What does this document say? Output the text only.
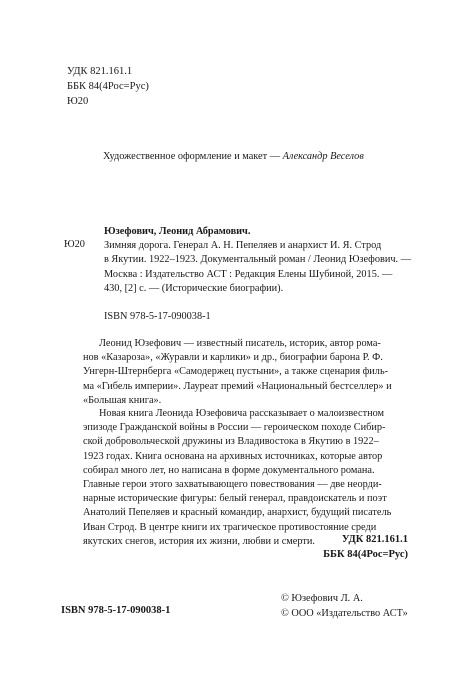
УДК 821.161.1
ББК 84(4Рос=Рус)
Ю20
Художественное оформление и макет — Александр Веселов
Ю20
Юзефович, Леонид Абрамович.
Зимняя дорога. Генерал А. Н. Пепеляев и анархист И. Я. Строд
в Якутии. 1922–1923. Документальный роман / Леонид Юзефович. —
Москва : Издательство АСТ : Редакция Елены Шубиной, 2015. —
430, [2] с. — (Исторические биографии).
ISBN 978-5-17-090038-1
Леонид Юзефович — известный писатель, историк, автор рома-
нов «Казароза», «Журавли и карлики» и др., биографии барона Р. Ф.
Унгерн-Штернберга «Самодержец пустыни», а также сценария филь-
ма «Гибель империи». Лауреат премий «Национальный бестселлер» и
«Большая книга».
Новая книга Леонида Юзефовича рассказывает о малоизвестном
эпизоде Гражданской войны в России — героическом походе Сибир-
ской добровольческой дружины из Владивостока в Якутию в 1922–
1923 годах. Книга основана на архивных источниках, которые автор
собирал много лет, но написана в форме документального романа.
Главные герои этого захватывающего повествования — две неорди-
нарные исторические фигуры: белый генерал, правдоискатель и поэт
Анатолий Пепеляев и красный командир, анархист, будущий писатель
Иван Строд. В центре книги их трагическое противостояние среди
якутских снегов, история их жизни, любви и смерти.	УДК 821.161.1
ББК 84(4Рос=Рус)
ISBN 978-5-17-090038-1
© Юзефович Л. А.
© ООО «Издательство АСТ»
